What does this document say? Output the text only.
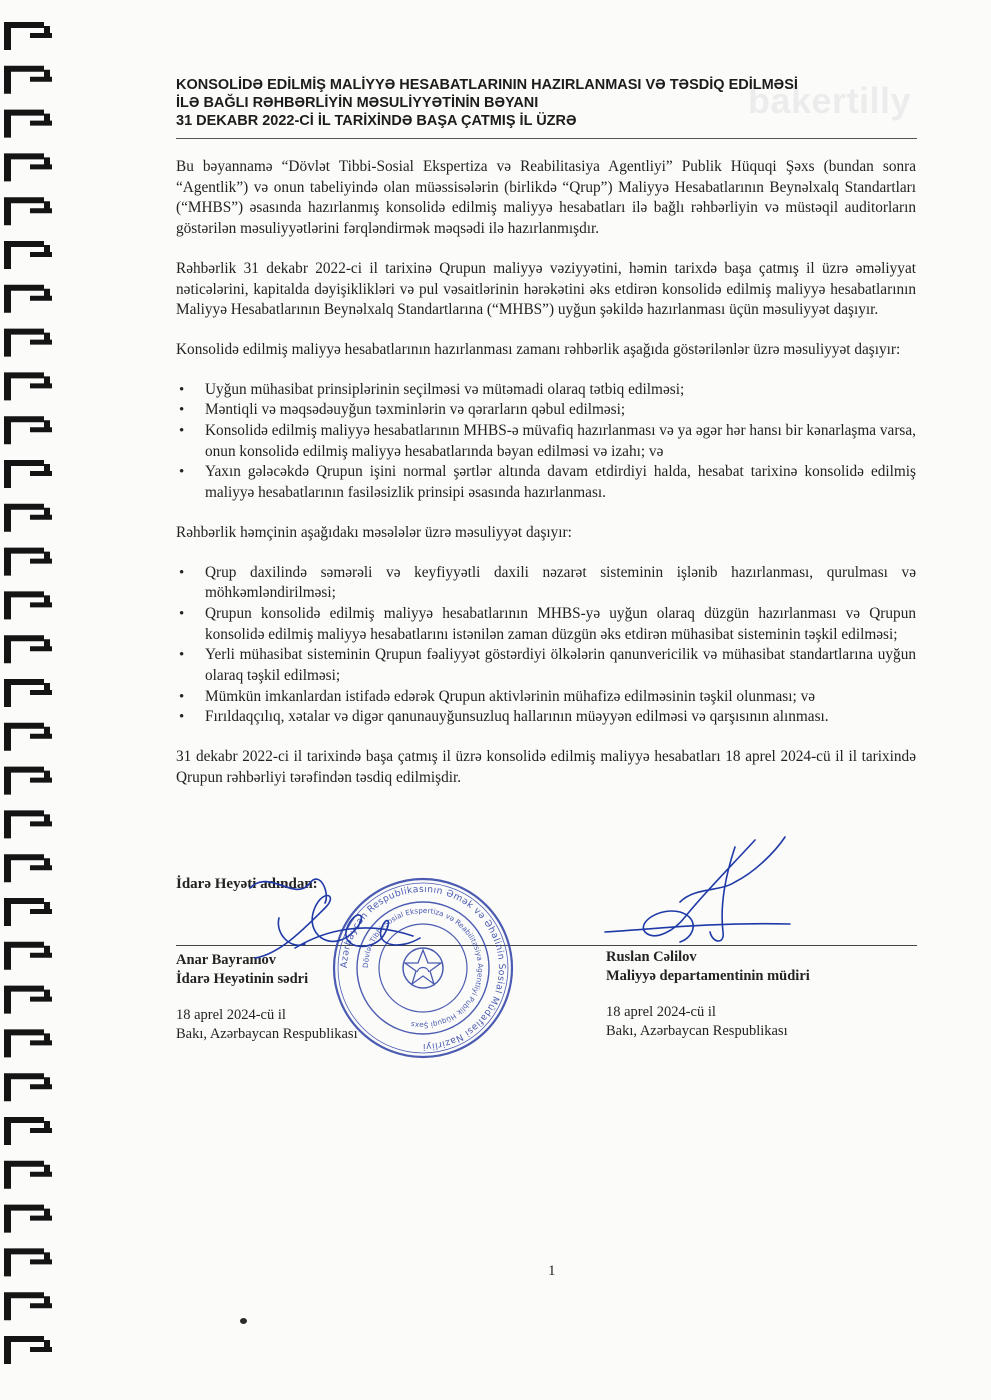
bakertilly
KONSOLİDƏ EDİLMİŞ MALİYYƏ HESABATLARININ HAZIRLANMASI VƏ TƏSDİQ EDİLMƏSİ
İLƏ BAĞLI RƏHBƏRLİYİN MƏSULİYYƏTİNİN BƏYANI
31 DEKABR 2022-Cİ İL TARİXİNDƏ BAŞA ÇATMIŞ İL ÜZRƏ

Bu bəyannamə “Dövlət Tibbi-Sosial Ekspertiza və Reabilitasiya Agentliyi” Publik Hüquqi Şəxs (bundan sonra “Agentlik”) və onun tabeliyində olan müəssisələrin (birlikdə “Qrup”) Maliyyə Hesabatlarının Beynəlxalq Standartları (“MHBS”) əsasında hazırlanmış konsolidə edilmiş maliyyə hesabatları ilə bağlı rəhbərliyin və müstəqil auditorların göstərilən məsuliyyətlərini fərqləndirmək məqsədi ilə hazırlanmışdır.

Rəhbərlik 31 dekabr 2022-ci il tarixinə Qrupun maliyyə vəziyyətini, həmin tarixdə başa çatmış il üzrə əməliyyat nəticələrini, kapitalda dəyişiklikləri və pul vəsaitlərinin hərəkətini əks etdirən konsolidə edilmiş maliyyə hesabatlarının Maliyyə Hesabatlarının Beynəlxalq Standartlarına (“MHBS”) uyğun şəkildə hazırlanması üçün məsuliyyət daşıyır.

Konsolidə edilmiş maliyyə hesabatlarının hazırlanması zamanı rəhbərlik aşağıda göstərilənlər üzrə məsuliyyət daşıyır:

• Uyğun mühasibat prinsiplərinin seçilməsi və mütəmadi olaraq tətbiq edilməsi;
• Məntiqli və məqsədəuyğun təxminlərin və qərarların qəbul edilməsi;
• Konsolidə edilmiş maliyyə hesabatlarının MHBS-ə müvafiq hazırlanması və ya əgər hər hansı bir kənarlaşma varsa, onun konsolidə edilmiş maliyyə hesabatlarında bəyan edilməsi və izahı; və
• Yaxın gələcəkdə Qrupun işini normal şərtlər altında davam etdirdiyi halda, hesabat tarixinə konsolidə edilmiş maliyyə hesabatlarının fasiləsizlik prinsipi əsasında hazırlanması.

Rəhbərlik həmçinin aşağıdakı məsələlər üzrə məsuliyyət daşıyır:

• Qrup daxilində səmərəli və keyfiyyətli daxili nəzarət sisteminin işlənib hazırlanması, qurulması və möhkəmləndirilməsi;
• Qrupun konsolidə edilmiş maliyyə hesabatlarının MHBS-yə uyğun olaraq düzgün hazırlanması və Qrupun konsolidə edilmiş maliyyə hesabatlarını istənilən zaman düzgün əks etdirən mühasibat sisteminin təşkil edilməsi;
• Yerli mühasibat sisteminin Qrupun fəaliyyət göstərdiyi ölkələrin qanunvericilik və mühasibat standartlarına uyğun olaraq təşkil edilməsi;
• Mümkün imkanlardan istifadə edərək Qrupun aktivlərinin mühafizə edilməsinin təşkil olunması; və
• Fırıldaqçılıq, xətalar və digər qanunauyğunsuzluq hallarının müəyyən edilməsi və qarşısının alınması.

31 dekabr 2022-ci il tarixində başa çatmış il üzrə konsolidə edilmiş maliyyə hesabatları 18 aprel 2024-cü il il tarixində Qrupun rəhbərliyi tərəfindən təsdiq edilmişdir.

İdarə Heyəti adından:
Anar Bayramov
İdarə Heyətinin sədri
18 aprel 2024-cü il
Bakı, Azərbaycan Respublikası
Ruslan Cəlilov
Maliyyə departamentinin müdiri
18 aprel 2024-cü il
Bakı, Azərbaycan Respublikası
Azərbaycan Respublikasının Əmək və Əhalinin Sosial Müdafiəsi Nazirliyi
Dövlət Tibbi-Sosial Ekspertiza və Reabilitasiya Agentliyi Publik Hüquqi Şəxs
1
